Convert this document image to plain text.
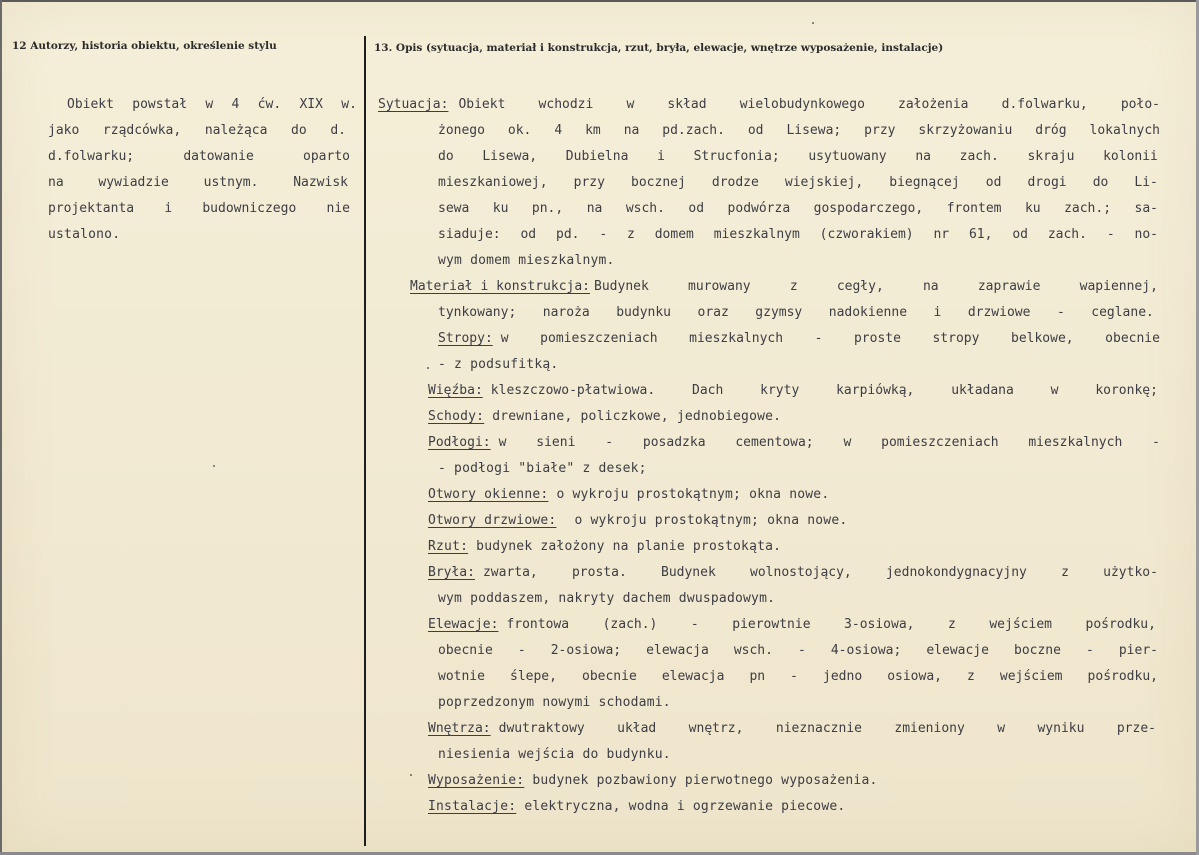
12 Autorzy, historia obiektu, określenie stylu	13. Opis (sytuacja, materiał i konstrukcja, rzut, bryła, elewacje, wnętrze wyposażenie, instalacje)
Obiekt powstał w 4 ćw. XIX w.
jako rządcówka, należąca do d.
d.folwarku;	datowanie	oparto
na	wywiadzie	ustnym.	Nazwisk
projektanta i budowniczego nie
ustalono.
Sytuacja: Obiekt	wchodzi	w	skład	wielobudynkowego	założenia	d.folwarku,	poło-
żonego ok. 4 km na pd.zach. od Lisewa; przy skrzyżowaniu dróg lokalnych
do Lisewa, Dubielna i Strucfonia; usytuowany na zach. skraju kolonii
mieszkaniowej, przy bocznej drodze wiejskiej, biegnącej od drogi do Li-
sewa ku pn., na wsch. od podwórza gospodarczego, frontem ku zach.; sa-
siaduje: od pd. - z domem mieszkalnym (czworakiem) nr 61, od zach. - no-
wym domem mieszkalnym.
Materiał i konstrukcja: Budynek	murowany	z	cegły,	na	zaprawie	wapiennej,
tynkowany; naroża budynku oraz gzymsy nadokienne i drzwiowe - ceglane.
Stropy: w pomieszczeniach mieszkalnych - proste stropy belkowe, obecnie
- z podsufitką.
Więźba: kleszczowo-płatwiowa.	Dach	kryty	karpiówką,	układana	w	koronkę;
Schody: drewniane, policzkowe, jednobiegowe.
Podłogi: w sieni - posadzka cementowa; w pomieszczeniach mieszkalnych -
- podłogi "białe" z desek;
Otwory okienne: o wykroju prostokątnym; okna nowe.
Otwory drzwiowe: o wykroju prostokątnym; okna nowe.
Rzut: budynek założony na planie prostokąta.
Bryła: zwarta,	prosta.	Budynek	wolnostojący,	jednokondygnacyjny	z	użytko-
wym poddaszem, nakryty dachem dwuspadowym.
Elewacje: frontowa	(zach.)	-	pierowtnie	3-osiowa,	z	wejściem	pośrodku,
obecnie - 2-osiowa; elewacja wsch. - 4-osiowa; elewacje boczne - pier-
wotnie ślepe, obecnie elewacja pn - jedno osiowa, z wejściem pośrodku,
poprzedzonym nowymi schodami.
Wnętrza: dwutraktowy układ wnętrz, nieznacznie zmieniony w wyniku prze-
niesienia wejścia do budynku.
Wyposażenie: budynek pozbawiony pierwotnego wyposażenia.
Instalacje: elektryczna, wodna i ogrzewanie piecowe.
